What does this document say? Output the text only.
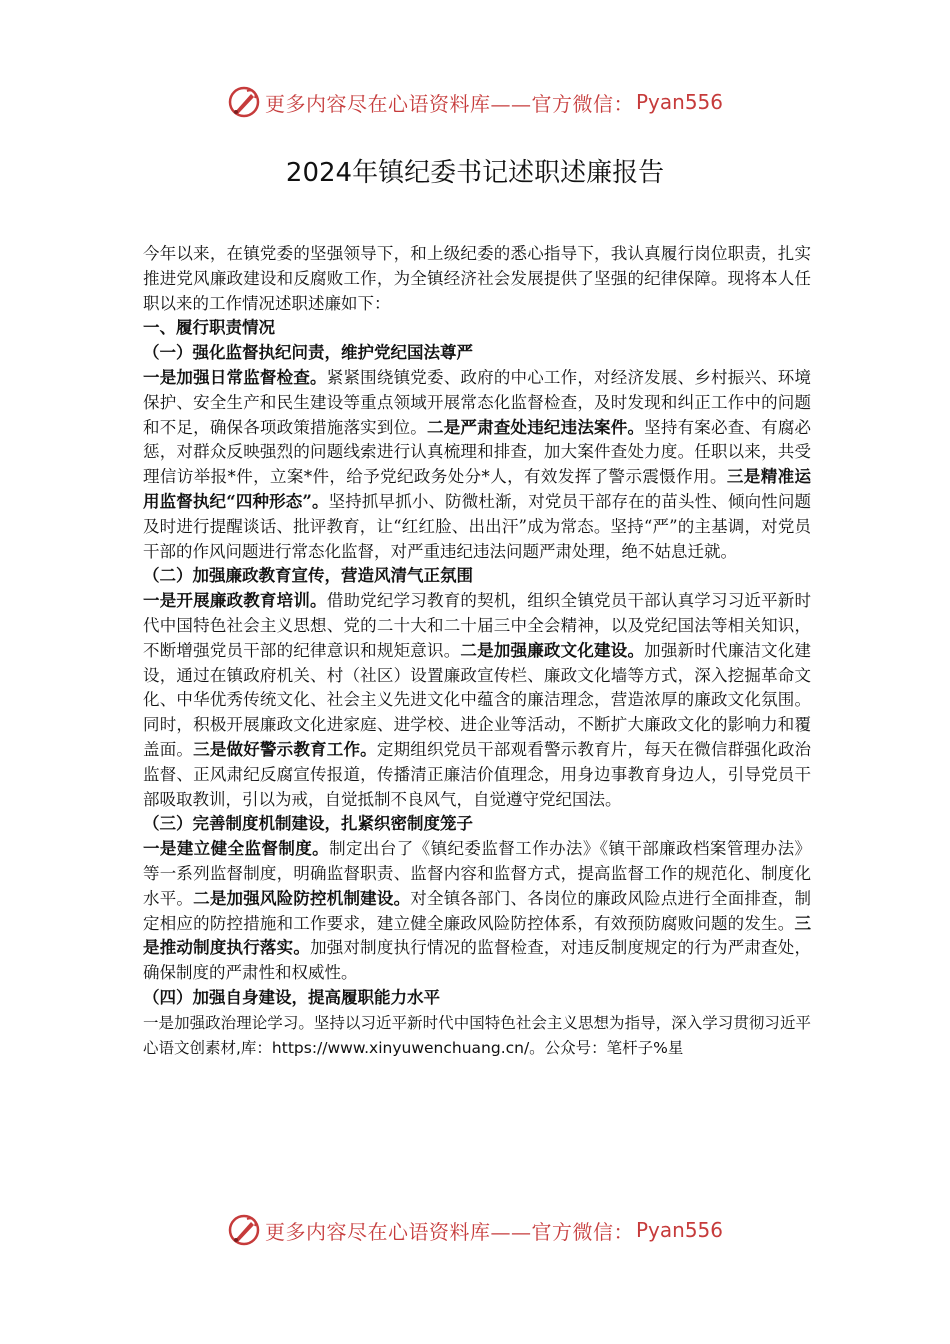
更多内容尽在心语资料库——官方微信： Pyan556
2024年镇纪委书记述职述廉报告

今年以来，在镇党委的坚强领导下，和上级纪委的悉心指导下，我认真履行岗位职责，扎实推进党风廉政建设和反腐败工作，为全镇经济社会发展提供了坚强的纪律保障。现将本人任职以来的工作情况述职述廉如下：

一、履行职责情况

（一）强化监督执纪问责，维护党纪国法尊严

一是加强日常监督检查。紧紧围绕镇党委、政府的中心工作，对经济发展、乡村振兴、环境保护、安全生产和民生建设等重点领域开展常态化监督检查，及时发现和纠正工作中的问题和不足，确保各项政策措施落实到位。二是严肃查处违纪违法案件。坚持有案必查、有腐必惩，对群众反映强烈的问题线索进行认真梳理和排查，加大案件查处力度。任职以来，共受理信访举报*件，立案*件，给予党纪政务处分*人，有效发挥了警示震慑作用。三是精准运用监督执纪“四种形态”。坚持抓早抓小、防微杜渐，对党员干部存在的苗头性、倾向性问题及时进行提醒谈话、批评教育，让“红红脸、出出汗”成为常态。坚持“严”的主基调，对党员干部的作风问题进行常态化监督，对严重违纪违法问题严肃处理，绝不姑息迁就。

（二）加强廉政教育宣传，营造风清气正氛围

一是开展廉政教育培训。借助党纪学习教育的契机，组织全镇党员干部认真学习习近平新时代中国特色社会主义思想、党的二十大和二十届三中全会精神，以及党纪国法等相关知识，不断增强党员干部的纪律意识和规矩意识。二是加强廉政文化建设。加强新时代廉洁文化建设，通过在镇政府机关、村（社区）设置廉政宣传栏、廉政文化墙等方式，深入挖掘革命文化、中华优秀传统文化、社会主义先进文化中蕴含的廉洁理念，营造浓厚的廉政文化氛围。同时，积极开展廉政文化进家庭、进学校、进企业等活动，不断扩大廉政文化的影响力和覆盖面。三是做好警示教育工作。定期组织党员干部观看警示教育片，每天在微信群强化政治监督、正风肃纪反腐宣传报道，传播清正廉洁价值理念，用身边事教育身边人，引导党员干部吸取教训，引以为戒，自觉抵制不良风气，自觉遵守党纪国法。

（三）完善制度机制建设，扎紧织密制度笼子

一是建立健全监督制度。制定出台了《镇纪委监督工作办法》《镇干部廉政档案管理办法》等一系列监督制度，明确监督职责、监督内容和监督方式，提高监督工作的规范化、制度化水平。二是加强风险防控机制建设。对全镇各部门、各岗位的廉政风险点进行全面排查，制定相应的防控措施和工作要求，建立健全廉政风险防控体系，有效预防腐败问题的发生。三是推动制度执行落实。加强对制度执行情况的监督检查，对违反制度规定的行为严肃查处，确保制度的严肃性和权威性。

（四）加强自身建设，提高履职能力水平

一是加强政治理论学习。坚持以习近平新时代中国特色社会主义思想为指导，深入学习贯彻习近平心语文创素材,库：https://www.xinyuwenchuang.cn/。公众号：笔杆子%星

更多内容尽在心语资料库——官方微信： Pyan556
